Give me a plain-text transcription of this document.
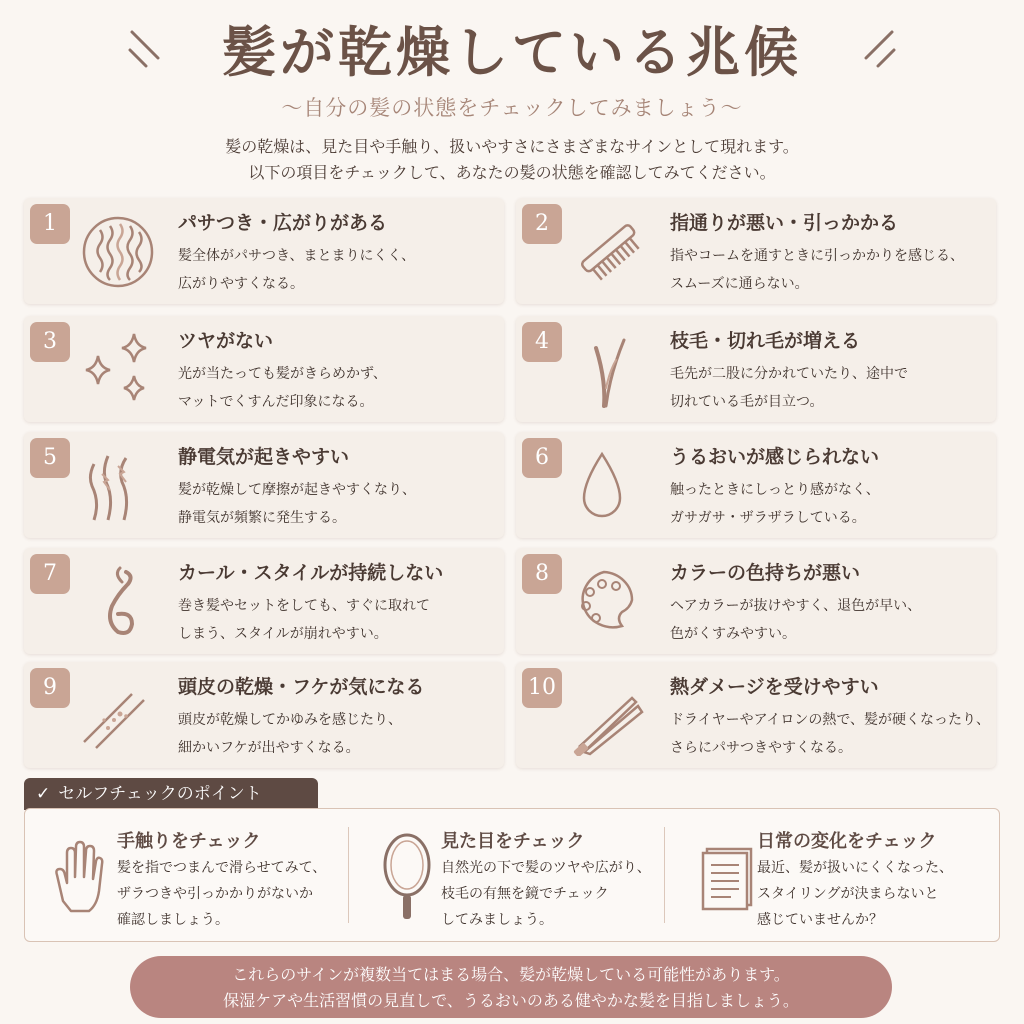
髪が乾燥している兆候
〜自分の髪の状態をチェックしてみましょう〜
髪の乾燥は、見た目や手触り、扱いやすさにさまざまなサインとして現れます。
以下の項目をチェックして、あなたの髪の状態を確認してみてください。
1	パサつき・広がりがある
髪全体がパサつき、まとまりにくく、
広がりやすくなる。
2	指通りが悪い・引っかかる
指やコームを通すときに引っかかりを感じる、
スムーズに通らない。
3	ツヤがない
光が当たっても髪がきらめかず、
マットでくすんだ印象になる。
4	枝毛・切れ毛が増える
毛先が二股に分かれていたり、途中で
切れている毛が目立つ。
5	静電気が起きやすい
髪が乾燥して摩擦が起きやすくなり、
静電気が頻繁に発生する。
6	うるおいが感じられない
触ったときにしっとり感がなく、
ガサガサ・ザラザラしている。
7	カール・スタイルが持続しない
巻き髪やセットをしても、すぐに取れて
しまう、スタイルが崩れやすい。
8	カラーの色持ちが悪い
ヘアカラーが抜けやすく、退色が早い、
色がくすみやすい。
9	頭皮の乾燥・フケが気になる
頭皮が乾燥してかゆみを感じたり、
細かいフケが出やすくなる。
10	熱ダメージを受けやすい
ドライヤーやアイロンの熱で、髪が硬くなったり、
さらにパサつきやすくなる。
✓ セルフチェックのポイント
手触りをチェック
髪を指でつまんで滑らせてみて、
ザラつきや引っかかりがないか
確認しましょう。
見た目をチェック
自然光の下で髪のツヤや広がり、
枝毛の有無を鏡でチェック
してみましょう。
日常の変化をチェック
最近、髪が扱いにくくなった、
スタイリングが決まらないと
感じていませんか？
これらのサインが複数当てはまる場合、髪が乾燥している可能性があります。
保湿ケアや生活習慣の見直しで、うるおいのある健やかな髪を目指しましょう。
